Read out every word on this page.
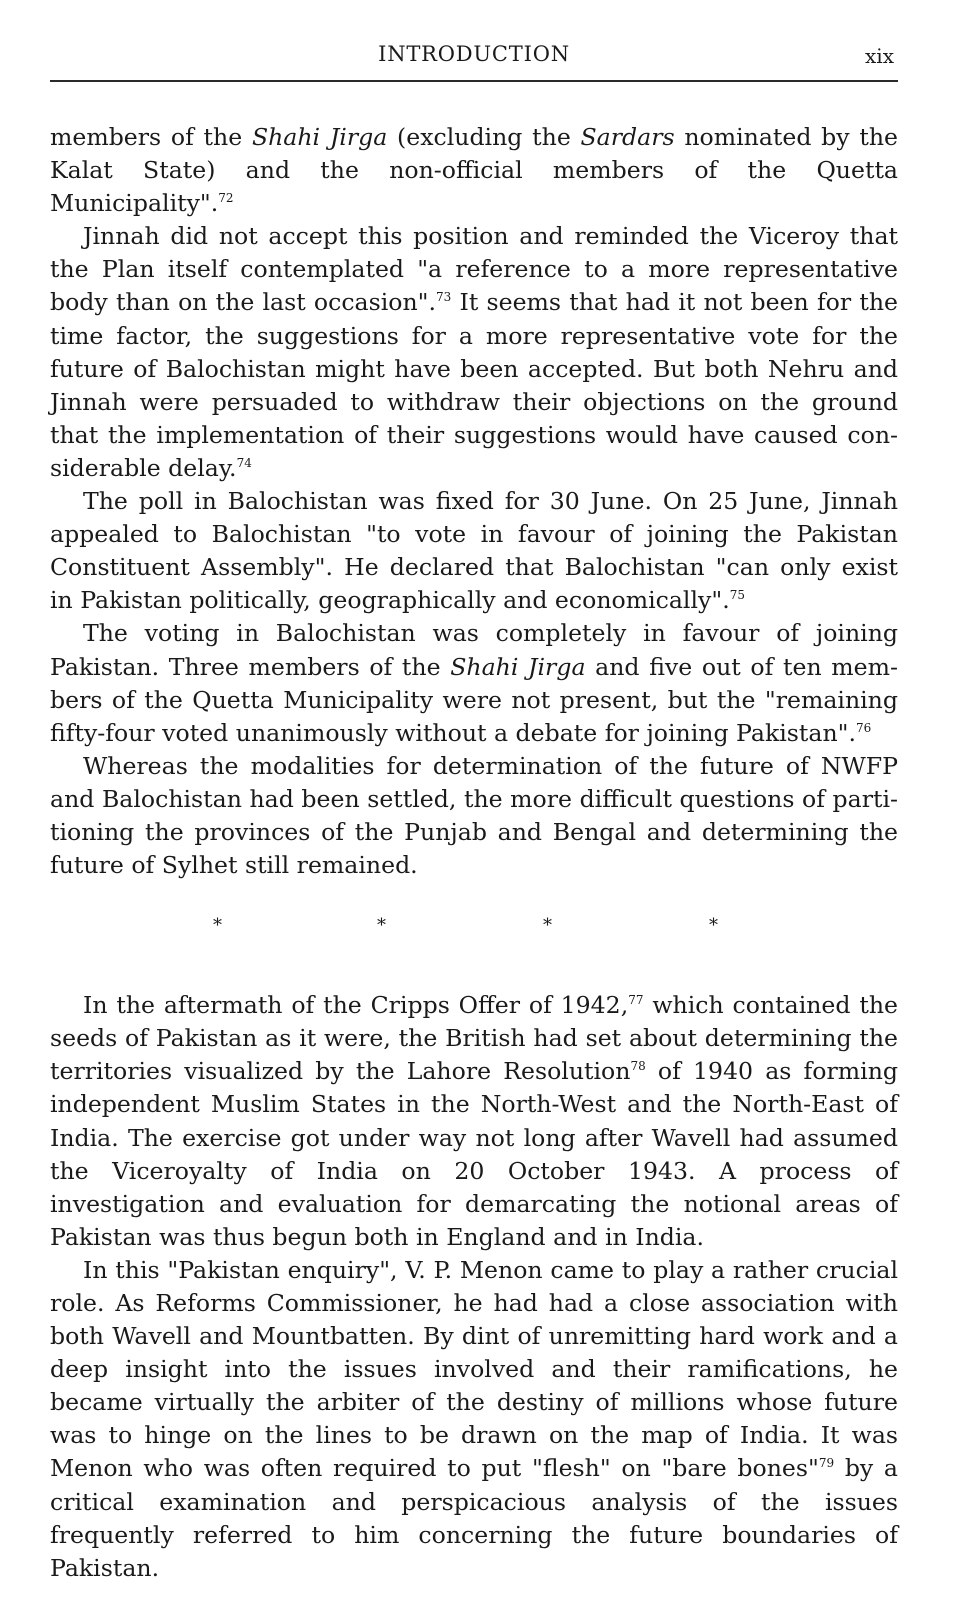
INTRODUCTION	xix

members of the Shahi Jirga (excluding the Sardars nominated by the Kalat State) and the non-official members of the Quetta Municipality".$^{72}$

Jinnah did not accept this position and reminded the Viceroy that the Plan itself contemplated "a reference to a more representative body than on the last occasion".$^{73}$ It seems that had it not been for the time factor, the suggestions for a more representative vote for the future of Balochistan might have been accepted. But both Nehru and Jinnah were persuaded to withdraw their objections on the ground that the implementation of their suggestions would have caused con-siderable delay.$^{74}$

The poll in Balochistan was fixed for 30 June. On 25 June, Jinnah appealed to Balochistan "to vote in favour of joining the Pakistan Constituent Assembly". He declared that Balochistan "can only exist in Pakistan politically, geographically and economically".$^{75}$

The voting in Balochistan was completely in favour of joining Pakistan. Three members of the Shahi Jirga and five out of ten mem-bers of the Quetta Municipality were not present, but the "remaining fifty-four voted unanimously without a debate for joining Pakistan".$^{76}$

Whereas the modalities for determination of the future of NWFP and Balochistan had been settled, the more difficult questions of parti-tioning the provinces of the Punjab and Bengal and determining the future of Sylhet still remained.

*	*	*	*

In the aftermath of the Cripps Offer of 1942,77 which contained the seeds of Pakistan as it were, the British had set about determining the territories visualized by the Lahore Resolution$^{78}$ of 1940 as forming independent Muslim States in the North-West and the North-East of India. The exercise got under way not long after Wavell had assumed the Viceroyalty of India on 20 October 1943. A process of investigation and evaluation for demarcating the notional areas of Pakistan was thus begun both in England and in India.

In this "Pakistan enquiry", V. P. Menon came to play a rather crucial role. As Reforms Commissioner, he had had a close association with both Wavell and Mountbatten. By dint of unremitting hard work and a deep insight into the issues involved and their ramifications, he became virtually the arbiter of the destiny of millions whose future was to hinge on the lines to be drawn on the map of India. It was Menon who was often required to put "flesh" on "bare bones"$^{79}$ by a critical examination and perspicacious analysis of the issues frequently referred to him concerning the future boundaries of Pakistan.
